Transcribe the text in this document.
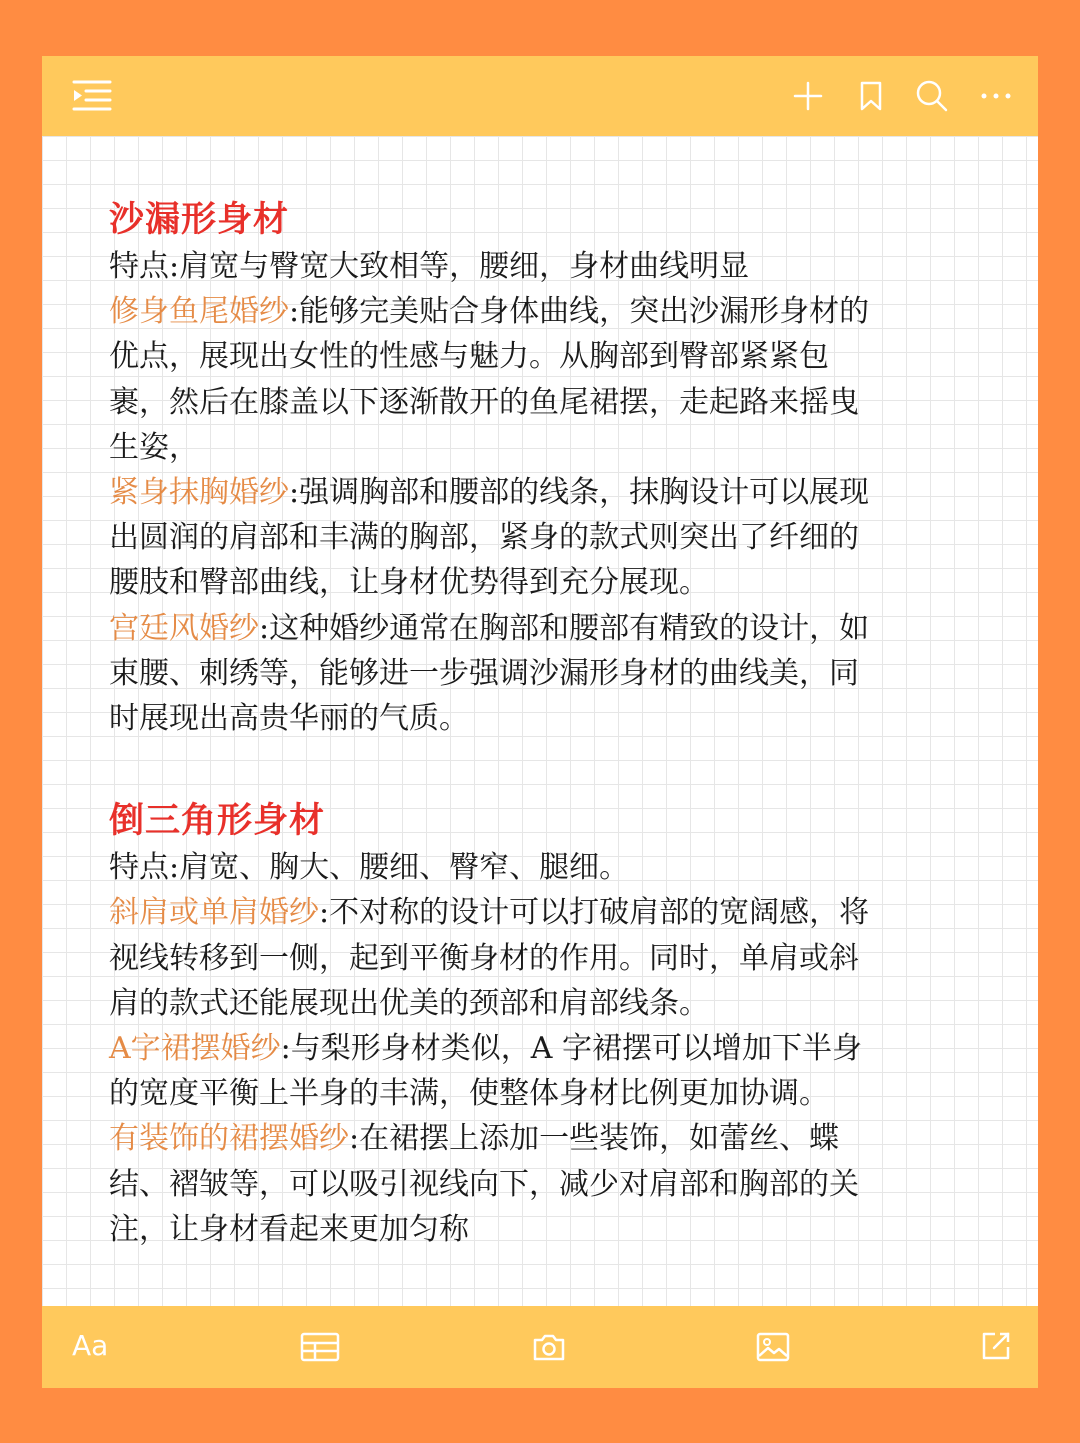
沙漏形身材

特点:肩宽与臀宽大致相等，腰细，身材曲线明显

修身鱼尾婚纱:能够完美贴合身体曲线，突出沙漏形身材的

优点，展现出女性的性感与魅力。从胸部到臀部紧紧包

裹，然后在膝盖以下逐渐散开的鱼尾裙摆，走起路来摇曳

生姿，

紧身抹胸婚纱:强调胸部和腰部的线条，抹胸设计可以展现

出圆润的肩部和丰满的胸部，紧身的款式则突出了纤细的

腰肢和臀部曲线，让身材优势得到充分展现。

宫廷风婚纱:这种婚纱通常在胸部和腰部有精致的设计，如

束腰、刺绣等，能够进一步强调沙漏形身材的曲线美，同

时展现出高贵华丽的气质。

倒三角形身材

特点:肩宽、胸大、腰细、臀窄、腿细。

斜肩或单肩婚纱:不对称的设计可以打破肩部的宽阔感，将

视线转移到一侧，起到平衡身材的作用。同时，单肩或斜

肩的款式还能展现出优美的颈部和肩部线条。

A字裙摆婚纱:与梨形身材类似，A 字裙摆可以增加下半身

的宽度平衡上半身的丰满，使整体身材比例更加协调。

有装饰的裙摆婚纱:在裙摆上添加一些装饰，如蕾丝、蝶

结、褶皱等，可以吸引视线向下，减少对肩部和胸部的关

注，让身材看起来更加匀称

Aa
